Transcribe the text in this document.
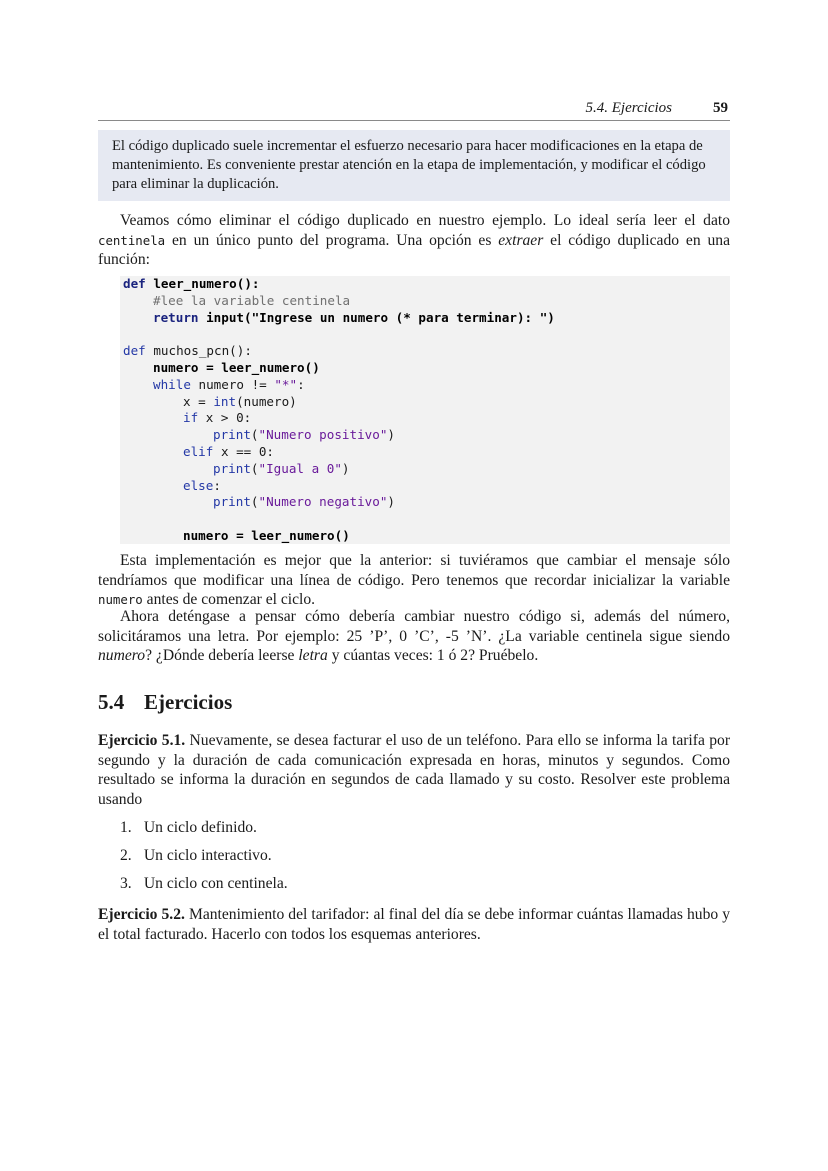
5.4. Ejercicios	59

El código duplicado suele incrementar el esfuerzo necesario para hacer modificaciones en la etapa de mantenimiento. Es conveniente prestar atención en la etapa de implementación, y modificar el código para eliminar la duplicación.

Veamos cómo eliminar el código duplicado en nuestro ejemplo. Lo ideal sería leer el dato centinela en un único punto del programa. Una opción es extraer el código duplicado en una función:

def leer_numero():
#lee la variable centinela
return input("Ingrese un numero (* para terminar): ")
def muchos_pcn():
numero = leer_numero()
while numero != "*":
x = int(numero)
if x > 0:
print("Numero positivo")
elif x == 0:
print("Igual a 0")
else:
print("Numero negativo")
numero = leer_numero()

Esta implementación es mejor que la anterior: si tuviéramos que cambiar el mensaje sólo tendríamos que modificar una línea de código. Pero tenemos que recordar inicializar la variable numero antes de comenzar el ciclo.

Ahora deténgase a pensar cómo debería cambiar nuestro código si, además del número, solicitáramos una letra. Por ejemplo: 25 ’P’, 0 ’C’, -5 ’N’. ¿La variable centinela sigue siendo numero? ¿Dónde debería leerse letra y cúantas veces: 1 ó 2? Pruébelo.

5.4 Ejercicios

Ejercicio 5.1. Nuevamente, se desea facturar el uso de un teléfono. Para ello se informa la tarifa por segundo y la duración de cada comunicación expresada en horas, minutos y segundos. Como resultado se informa la duración en segundos de cada llamado y su costo. Resolver este problema usando

1. Un ciclo definido.
2. Un ciclo interactivo.
3. Un ciclo con centinela.

Ejercicio 5.2. Mantenimiento del tarifador: al final del día se debe informar cuántas llamadas hubo y el total facturado. Hacerlo con todos los esquemas anteriores.
